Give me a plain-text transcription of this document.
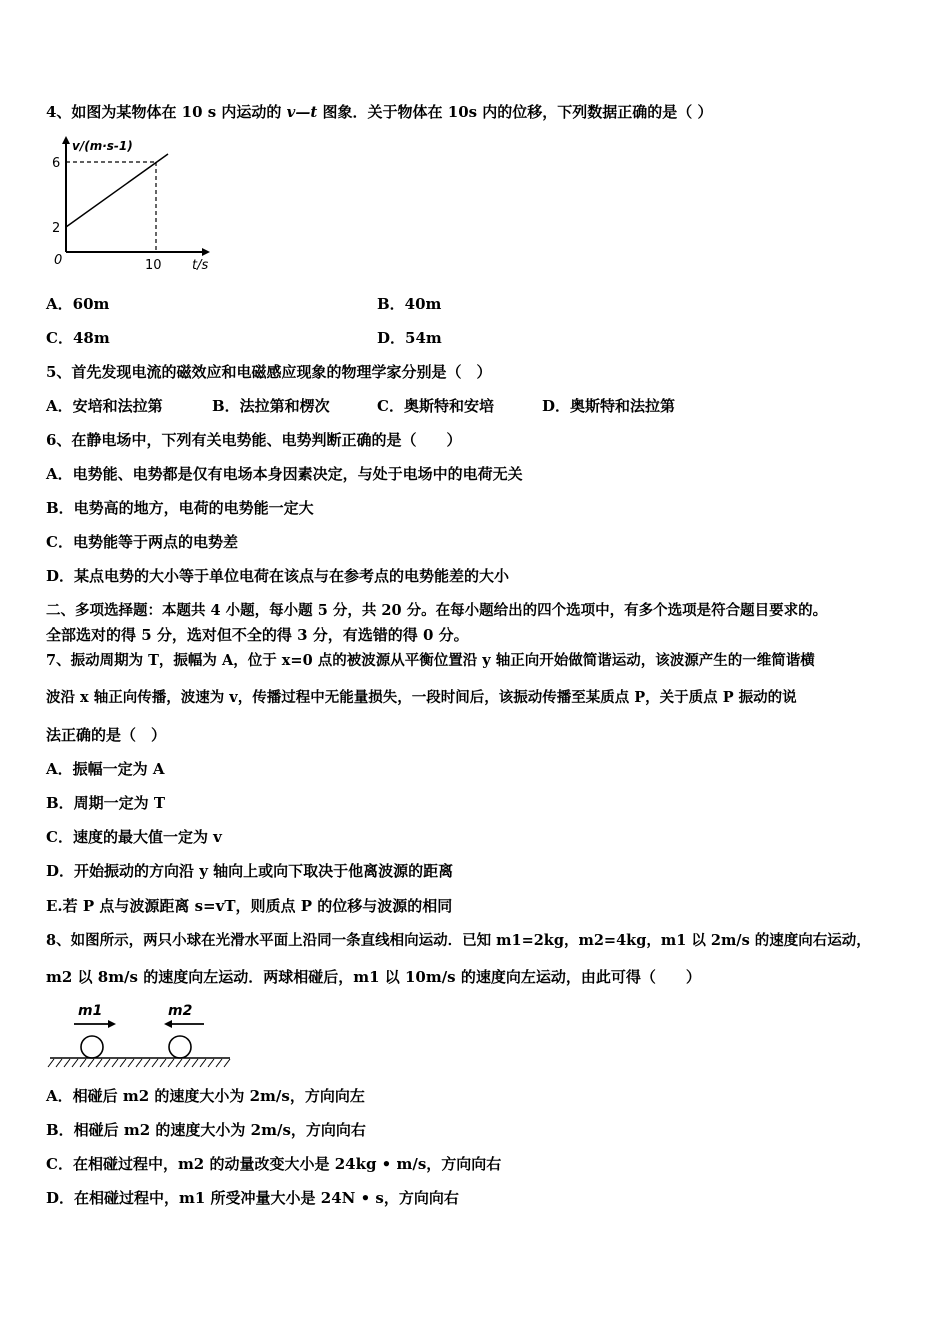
4、如图为某物体在 10 s 内运动的 v—t 图象．关于物体在 10s 内的位移，下列数据正确的是（ ）
v/(m·s-1)
6
2
0	10 t/s
A．60m	B．40m
C．48m	D．54m
5、首先发现电流的磁效应和电磁感应现象的物理学家分别是（　）
A．安培和法拉第	B．法拉第和楞次	C．奥斯特和安培	D．奥斯特和法拉第
6、在静电场中，下列有关电势能、电势判断正确的是（　　）
A．电势能、电势都是仅有电场本身因素决定，与处于电场中的电荷无关
B．电势高的地方，电荷的电势能一定大
C．电势能等于两点的电势差
D．某点电势的大小等于单位电荷在该点与在参考点的电势能差的大小
二、多项选择题：本题共 4 小题，每小题 5 分，共 20 分。在每小题给出的四个选项中，有多个选项是符合题目要求的。
全部选对的得 5 分，选对但不全的得 3 分，有选错的得 0 分。
7、振动周期为 T，振幅为 A，位于 x=0 点的被波源从平衡位置沿 y 轴正向开始做简谐运动，该波源产生的一维简谐横
波沿 x 轴正向传播，波速为 v，传播过程中无能量损失，一段时间后，该振动传播至某质点 P，关于质点 P 振动的说
法正确的是（　）
A．振幅一定为 A
B．周期一定为 T
C．速度的最大值一定为 v
D．开始振动的方向沿 y 轴向上或向下取决于他离波源的距离
E.若 P 点与波源距离 s=vT，则质点 P 的位移与波源的相同
8、如图所示，两只小球在光滑水平面上沿同一条直线相向运动．已知 m1=2kg，m2=4kg，m1 以 2m/s 的速度向右运动，
m2 以 8m/s 的速度向左运动．两球相碰后，m1 以 10m/s 的速度向左运动，由此可得（　　）
m1	m2
A．相碰后 m2 的速度大小为 2m/s，方向向左
B．相碰后 m2 的速度大小为 2m/s，方向向右
C．在相碰过程中，m2 的动量改变大小是 24kg • m/s，方向向右
D．在相碰过程中，m1 所受冲量大小是 24N • s，方向向右
